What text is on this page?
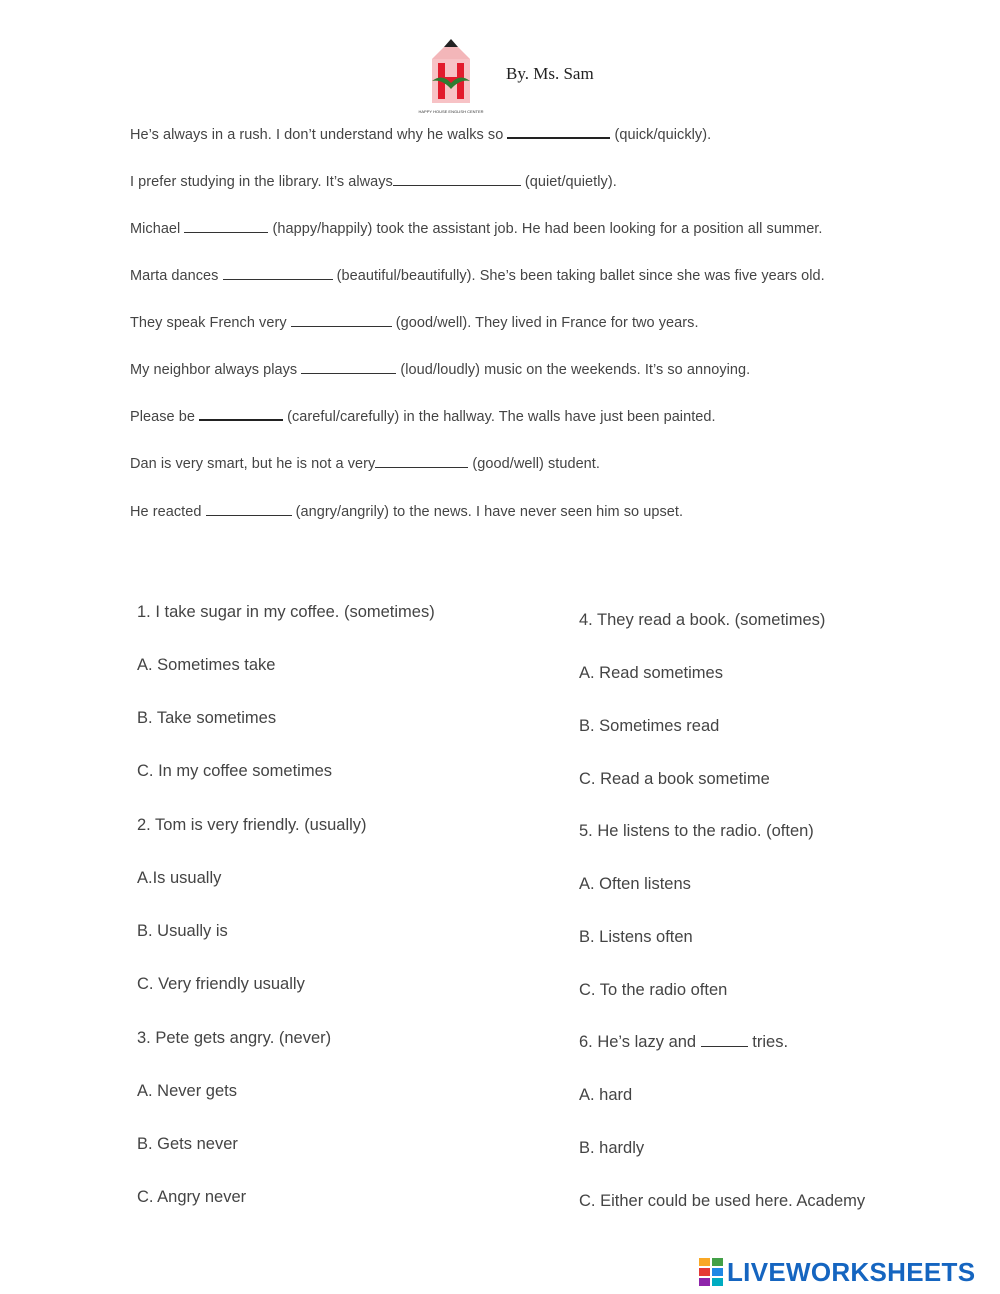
HAPPY HOUSE ENGLISH CENTER
By. Ms. Sam
He’s always in a rush. I don’t understand why he walks so	(quick/quickly).
I prefer studying in the library. It’s always	(quiet/quietly).
Michael	(happy/happily) took the assistant job. He had been looking for a position all summer.
Marta dances	(beautiful/beautifully). She’s been taking ballet since she was five years old.
They speak French very	(good/well). They lived in France for two years.
My neighbor always plays	(loud/loudly) music on the weekends. It’s so annoying.
Please be	(careful/carefully) in the hallway. The walls have just been painted.
Dan is very smart, but he is not a very	(good/well) student.
He reacted	(angry/angrily) to the news. I have never seen him so upset.
1. I take sugar in my coffee. (sometimes)
A. Sometimes take
B. Take sometimes
C. In my coffee sometimes
2. Tom is very friendly. (usually)
A.Is usually
B. Usually is
C. Very friendly usually
3. Pete gets angry. (never)
A. Never gets
B. Gets never
C. Angry never
4. They read a book. (sometimes)
A. Read sometimes
B. Sometimes read
C. Read a book sometime
5. He listens to the radio. (often)
A. Often listens
B. Listens often
C. To the radio often
6. He’s lazy and	tries.
A. hard
B. hardly
C. Either could be used here. Academy
LIVEWORKSHEETS
